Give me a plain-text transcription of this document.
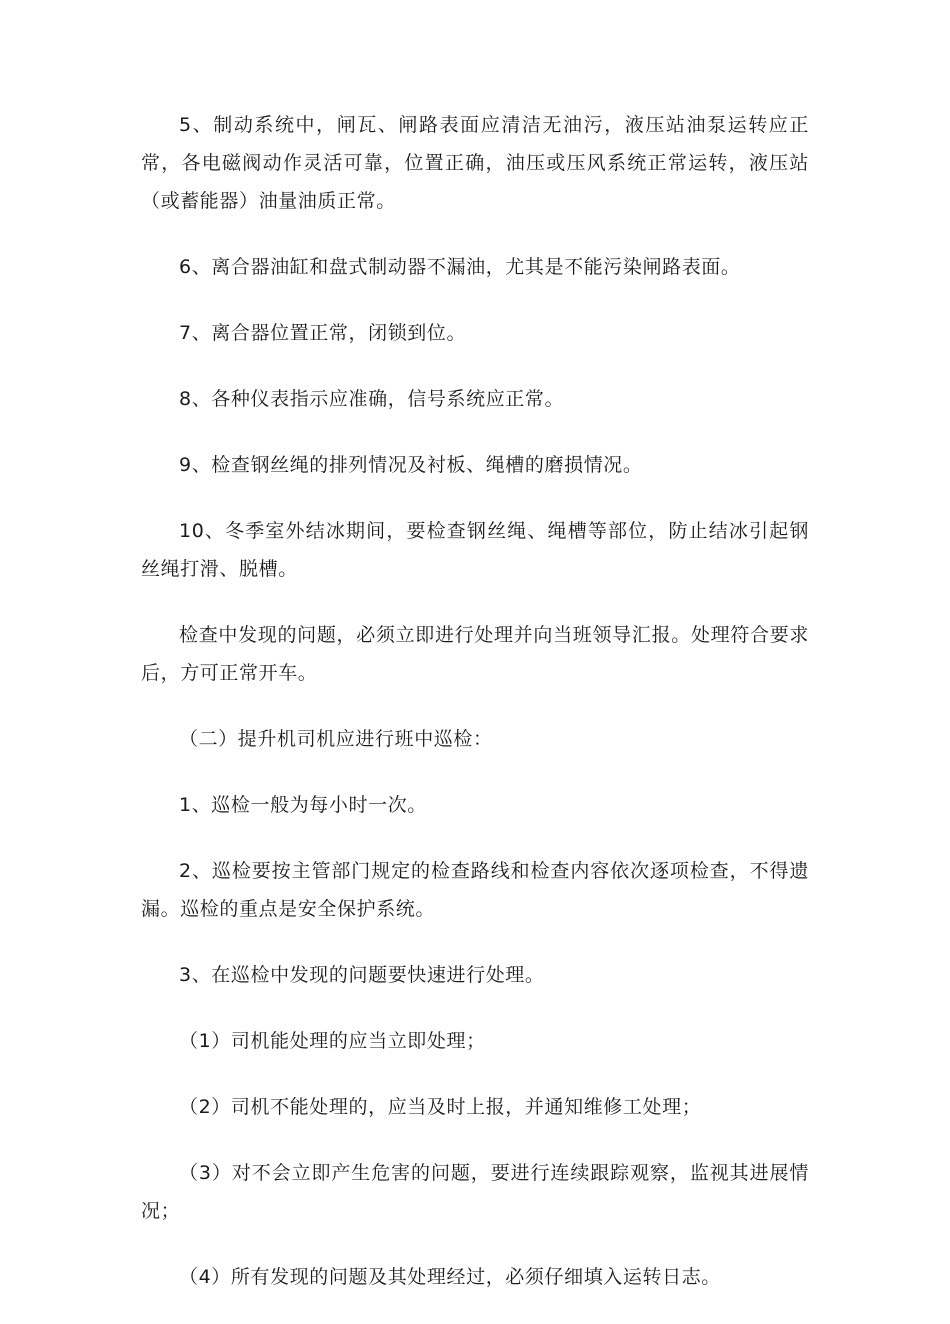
5、制动系统中，闸瓦、闸路表面应清洁无油污，液压站油泵运转应正常，各电磁阀动作灵活可靠，位置正确，油压或压风系统正常运转，液压站（或蓄能器）油量油质正常。

6、离合器油缸和盘式制动器不漏油，尤其是不能污染闸路表面。

7、离合器位置正常，闭锁到位。

8、各种仪表指示应准确，信号系统应正常。

9、检查钢丝绳的排列情况及衬板、绳槽的磨损情况。

10、冬季室外结冰期间，要检查钢丝绳、绳槽等部位，防止结冰引起钢丝绳打滑、脱槽。

检查中发现的问题，必须立即进行处理并向当班领导汇报。处理符合要求后，方可正常开车。

（二）提升机司机应进行班中巡检：

1、巡检一般为每小时一次。

2、巡检要按主管部门规定的检查路线和检查内容依次逐项检查，不得遗漏。巡检的重点是安全保护系统。

3、在巡检中发现的问题要快速进行处理。

（1）司机能处理的应当立即处理；

（2）司机不能处理的，应当及时上报，并通知维修工处理；

（3）对不会立即产生危害的问题，要进行连续跟踪观察，监视其进展情况；

（4）所有发现的问题及其处理经过，必须仔细填入运转日志。
